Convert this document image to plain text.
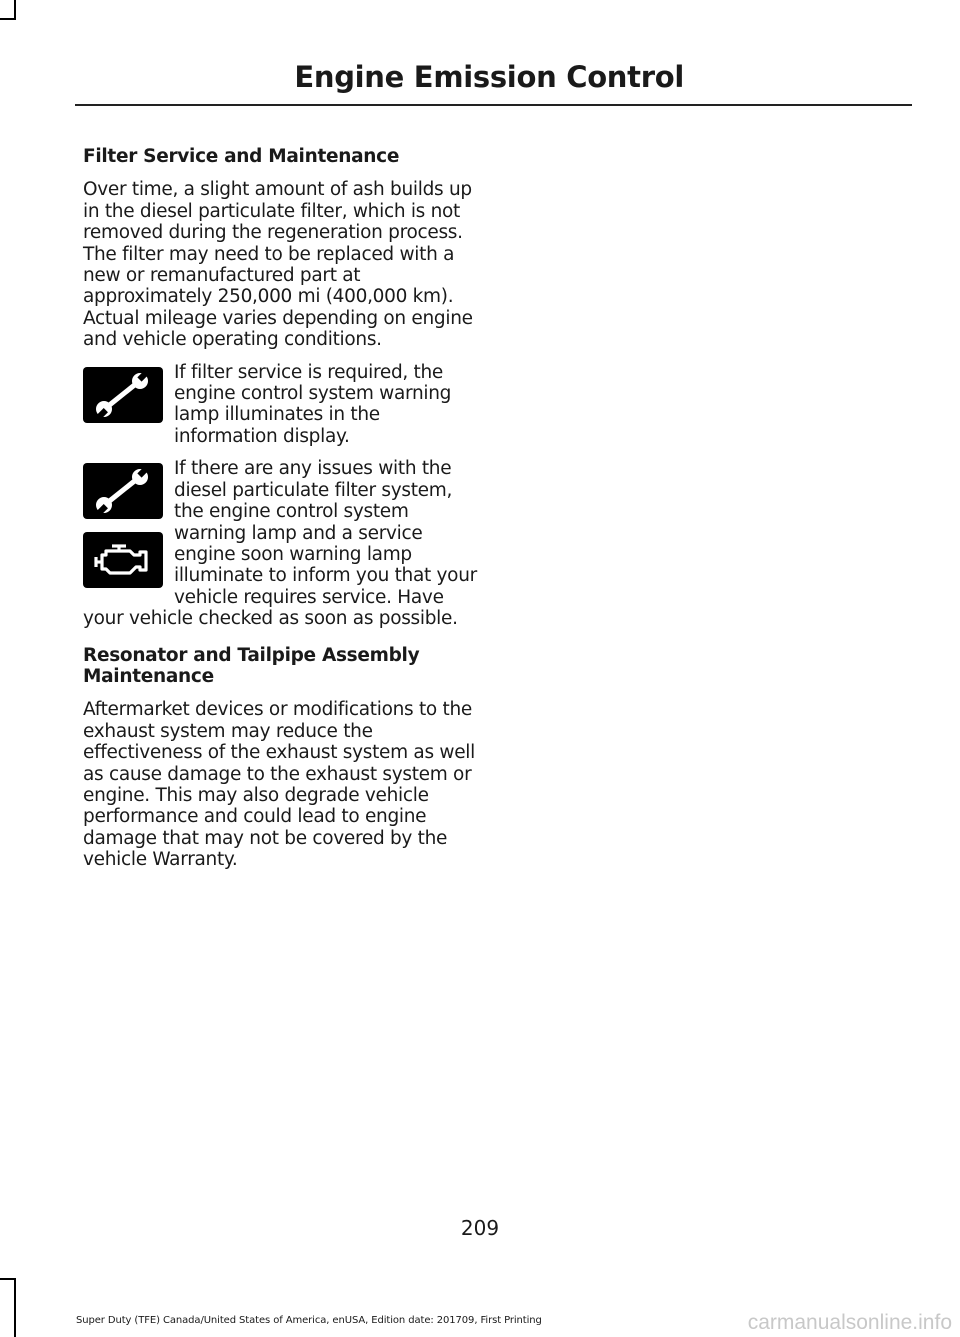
Engine Emission Control
Filter Service and Maintenance

Over time, a slight amount of ash builds up in the diesel particulate filter, which is not removed during the regeneration process. The filter may need to be replaced with a new or remanufactured part at approximately 250,000 mi (400,000 km). Actual mileage varies depending on engine and vehicle operating conditions.

If filter service is required, the engine control system warning lamp illuminates in the information display.

If there are any issues with the diesel particulate filter system, the engine control system warning lamp and a service engine soon warning lamp illuminate to inform you that your vehicle requires service. Have your vehicle checked as soon as possible.

Resonator and Tailpipe Assembly Maintenance

Aftermarket devices or modifications to the exhaust system may reduce the effectiveness of the exhaust system as well as cause damage to the exhaust system or engine. This may also degrade vehicle performance and could lead to engine damage that may not be covered by the vehicle Warranty.

209
Super Duty (TFE) Canada/United States of America, enUSA, Edition date: 201709, First Printing	carmanualsonline.info
